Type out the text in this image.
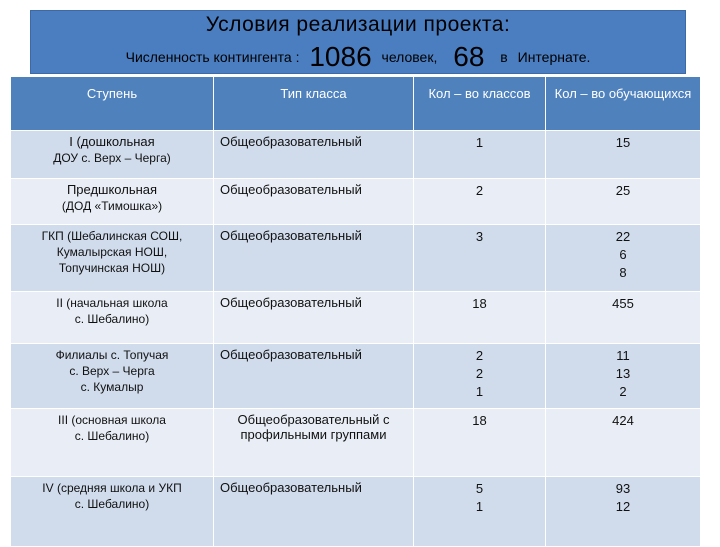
Условия реализации проекта:
Численность контингента : 1086 человек, 68 в Интернате.
Ступень	Тип класса	Кол – во классов	Кол – во обучающихся

I (дошкольная
ДОУ с. Верх – Черга)	Общеобразовательный	1	15

Предшкольная
(ДОД «Тимошка»)	Общеобразовательный	2	25

ГКП (Шебалинская СОШ,
Кумалырская НОШ,
Топучинская НОШ)	Общеобразовательный	3	22
6
8

II (начальная школа
с. Шебалино)	Общеобразовательный	18	455

Филиалы с. Топучая
с. Верх – Черга
с. Кумалыр	Общеобразовательный	2
2
1	11
13
2

III (основная школа
с. Шебалино)	Общеобразовательный с профильными группами	18	424

IV (средняя школа и УКП
с. Шебалино)	Общеобразовательный	5
1	93
12
